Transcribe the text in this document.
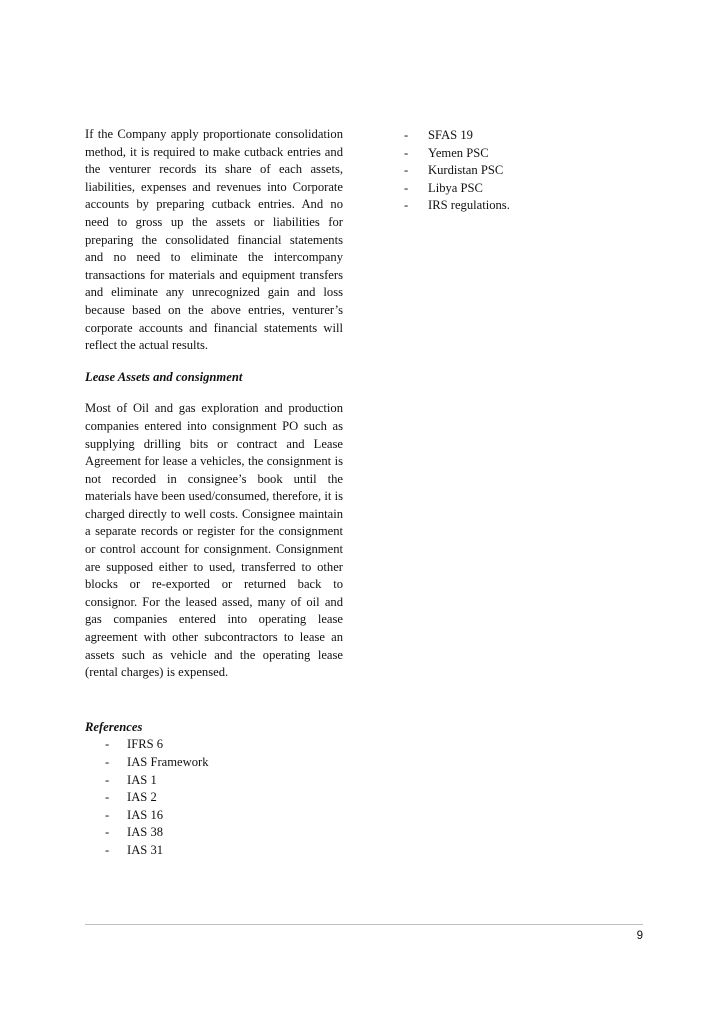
If the Company apply proportionate consolidation method, it is required to make cutback entries and the venturer records its share of each assets, liabilities, expenses and revenues into Corporate accounts by preparing cutback entries. And no need to gross up the assets or liabilities for preparing the consolidated financial statements and no need to eliminate the intercompany transactions for materials and equipment transfers and eliminate any unrecognized gain and loss because based on the above entries, venturer’s corporate accounts and financial statements will reflect the actual results.

Lease Assets and consignment

Most of Oil and gas exploration and production companies entered into consignment PO such as supplying drilling bits or contract and Lease Agreement for lease a vehicles, the consignment is not recorded in consignee’s book until the materials have been used/consumed, therefore, it is charged directly to well costs. Consignee maintain a separate records or register for the consignment or control account for consignment. Consignment are supposed either to used, transferred to other blocks or re-exported or returned back to consignor. For the leased assed, many of oil and gas companies entered into operating lease agreement with other subcontractors to lease an assets such as vehicle and the operating lease (rental charges) is expensed.

References

-	IFRS 6
-	IAS Framework
-	IAS 1
-	IAS 2
-	IAS 16
-	IAS 38
-	IAS 31
-	SFAS 19
-	Yemen PSC
-	Kurdistan PSC
-	Libya PSC
-	IRS regulations.
9
